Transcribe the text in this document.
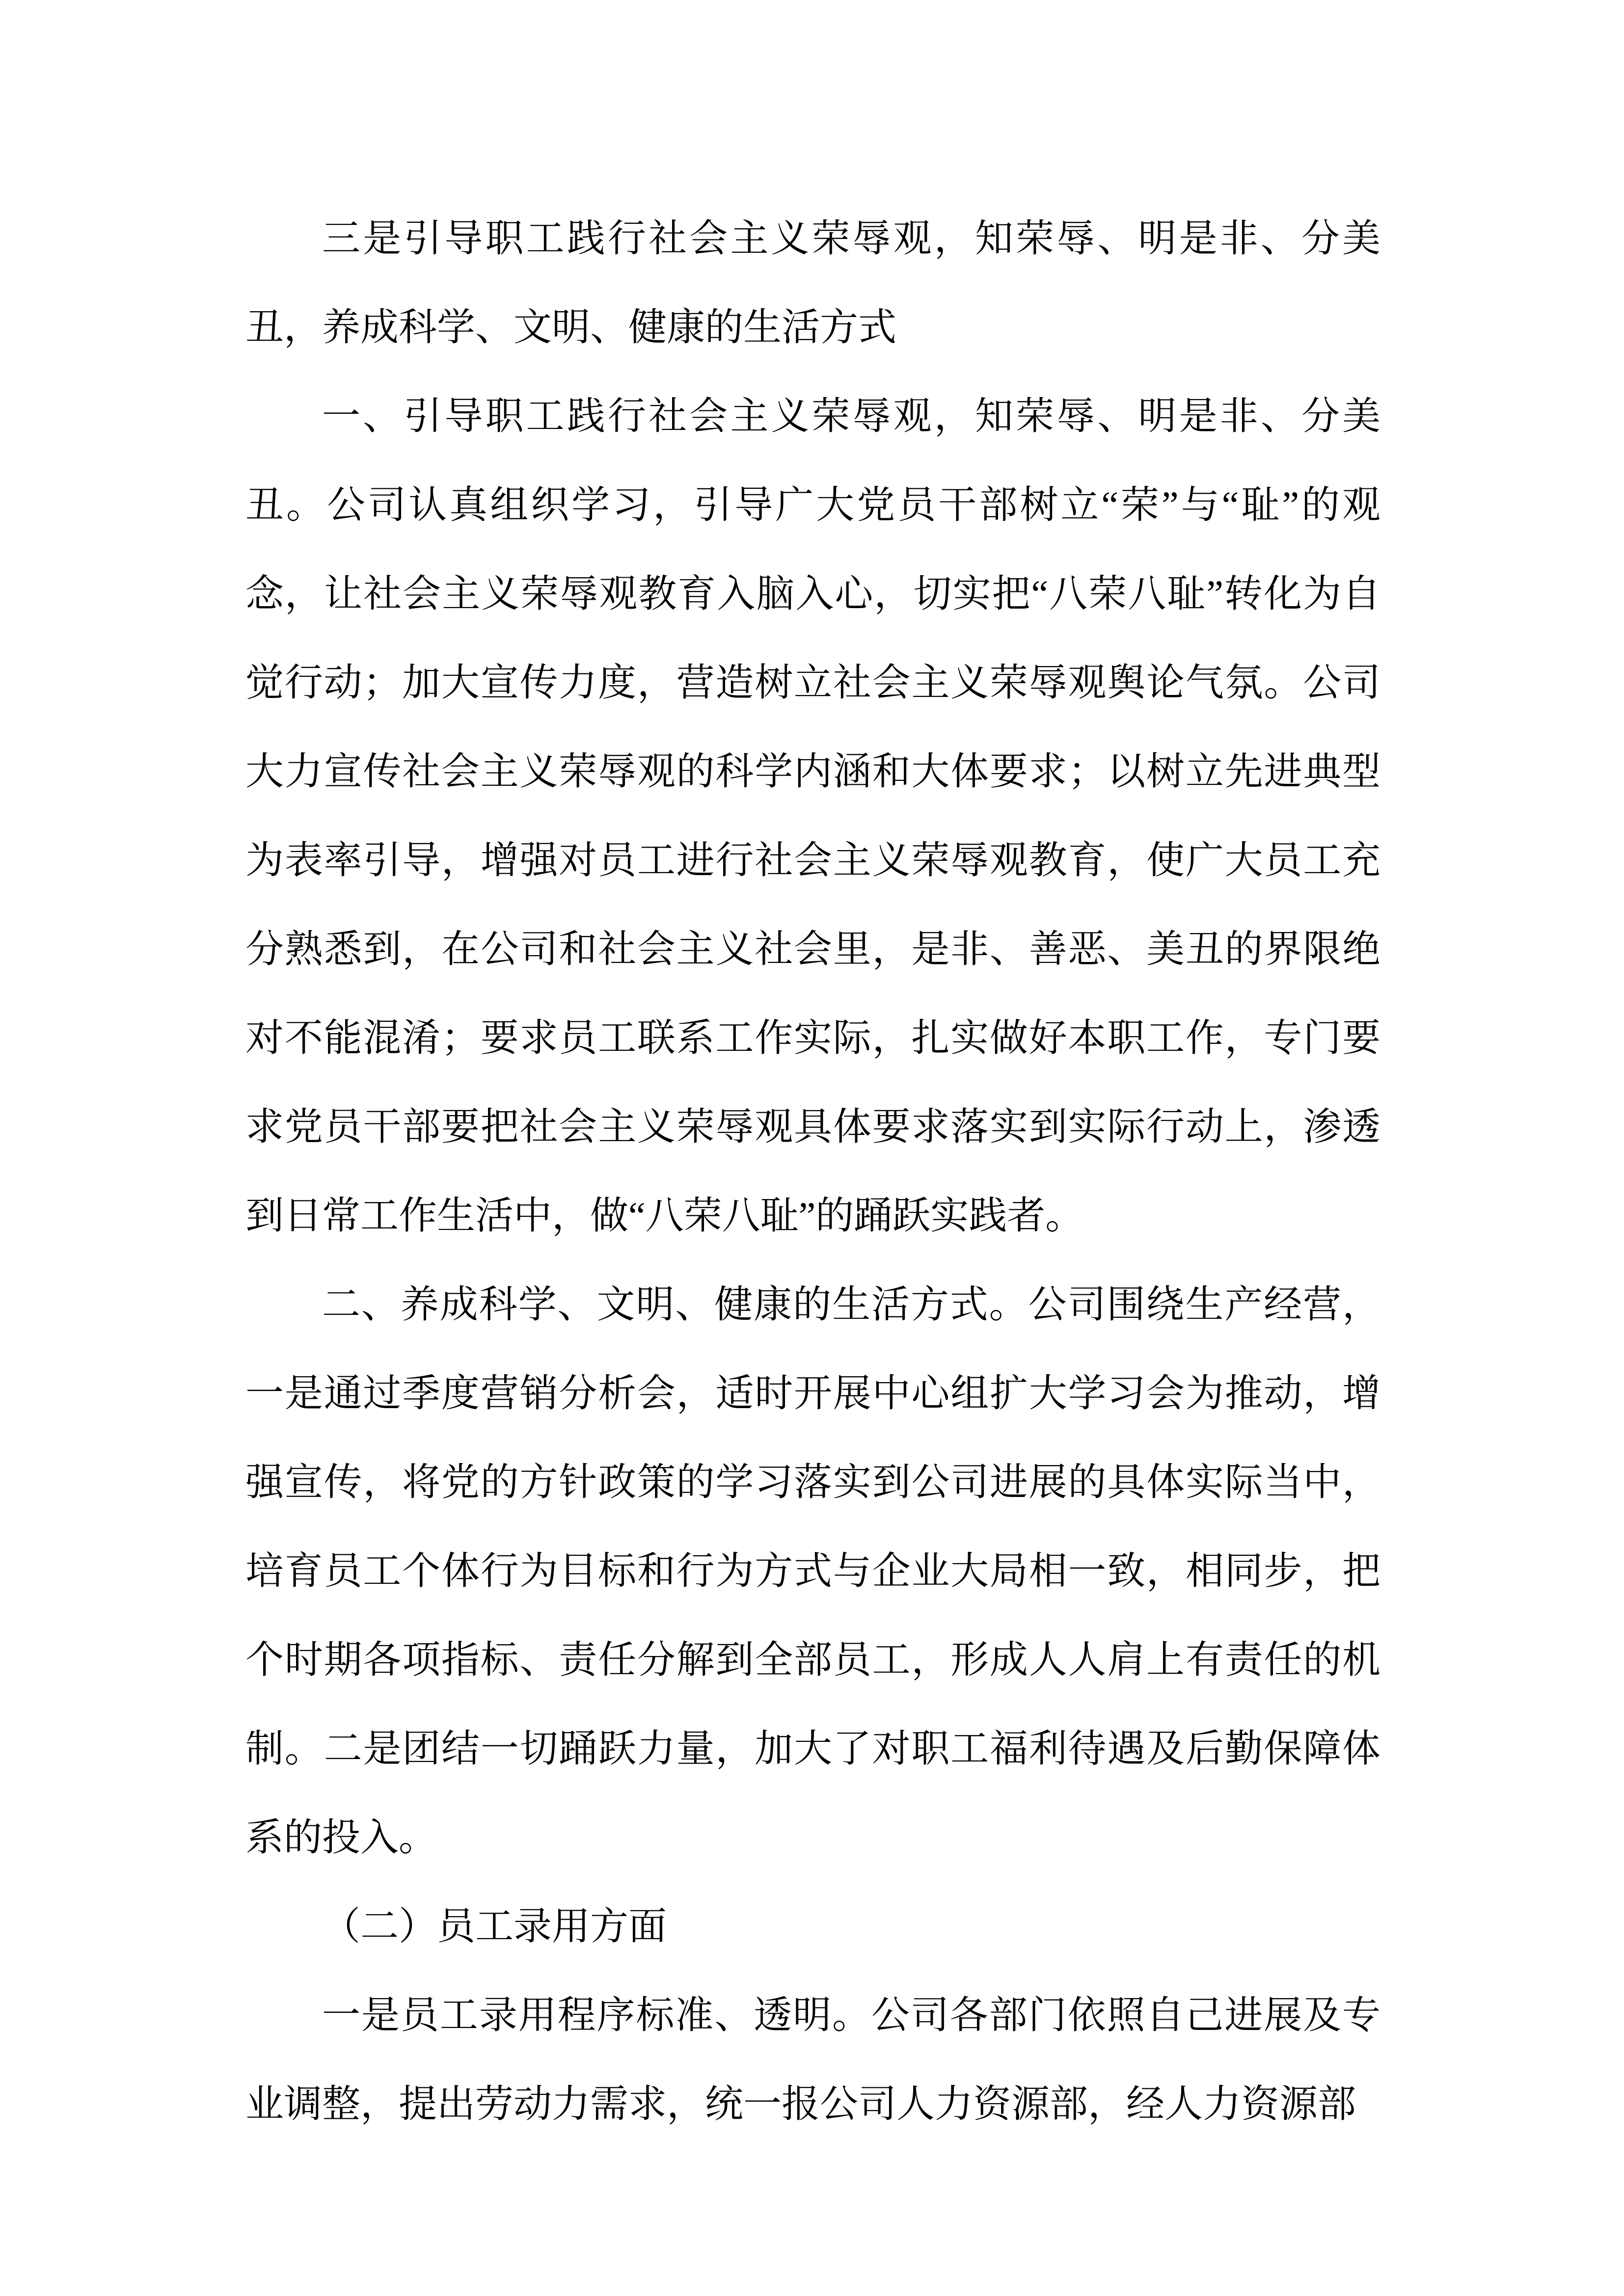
三是引导职工践行社会主义荣辱观，知荣辱、明是非、分美丑，养成科学、文明、健康的生活方式

一、引导职工践行社会主义荣辱观，知荣辱、明是非、分美丑。公司认真组织学习，引导广大党员干部树立“荣”与“耻”的观念，让社会主义荣辱观教育入脑入心，切实把“八荣八耻”转化为自觉行动；加大宣传力度，营造树立社会主义荣辱观舆论气氛。公司大力宣传社会主义荣辱观的科学内涵和大体要求；以树立先进典型为表率引导，增强对员工进行社会主义荣辱观教育，使广大员工充分熟悉到，在公司和社会主义社会里，是非、善恶、美丑的界限绝对不能混淆；要求员工联系工作实际，扎实做好本职工作，专门要求党员干部要把社会主义荣辱观具体要求落实到实际行动上，渗透到日常工作生活中，做“八荣八耻”的踊跃实践者。

二、养成科学、文明、健康的生活方式。公司围绕生产经营，一是通过季度营销分析会，适时开展中心组扩大学习会为推动，增强宣传，将党的方针政策的学习落实到公司进展的具体实际当中，培育员工个体行为目标和行为方式与企业大局相一致，相同步，把个时期各项指标、责任分解到全部员工，形成人人肩上有责任的机制。二是团结一切踊跃力量，加大了对职工福利待遇及后勤保障体系的投入。

（二）员工录用方面

一是员工录用程序标准、透明。公司各部门依照自己进展及专业调整，提出劳动力需求，统一报公司人力资源部，经人力资源部
